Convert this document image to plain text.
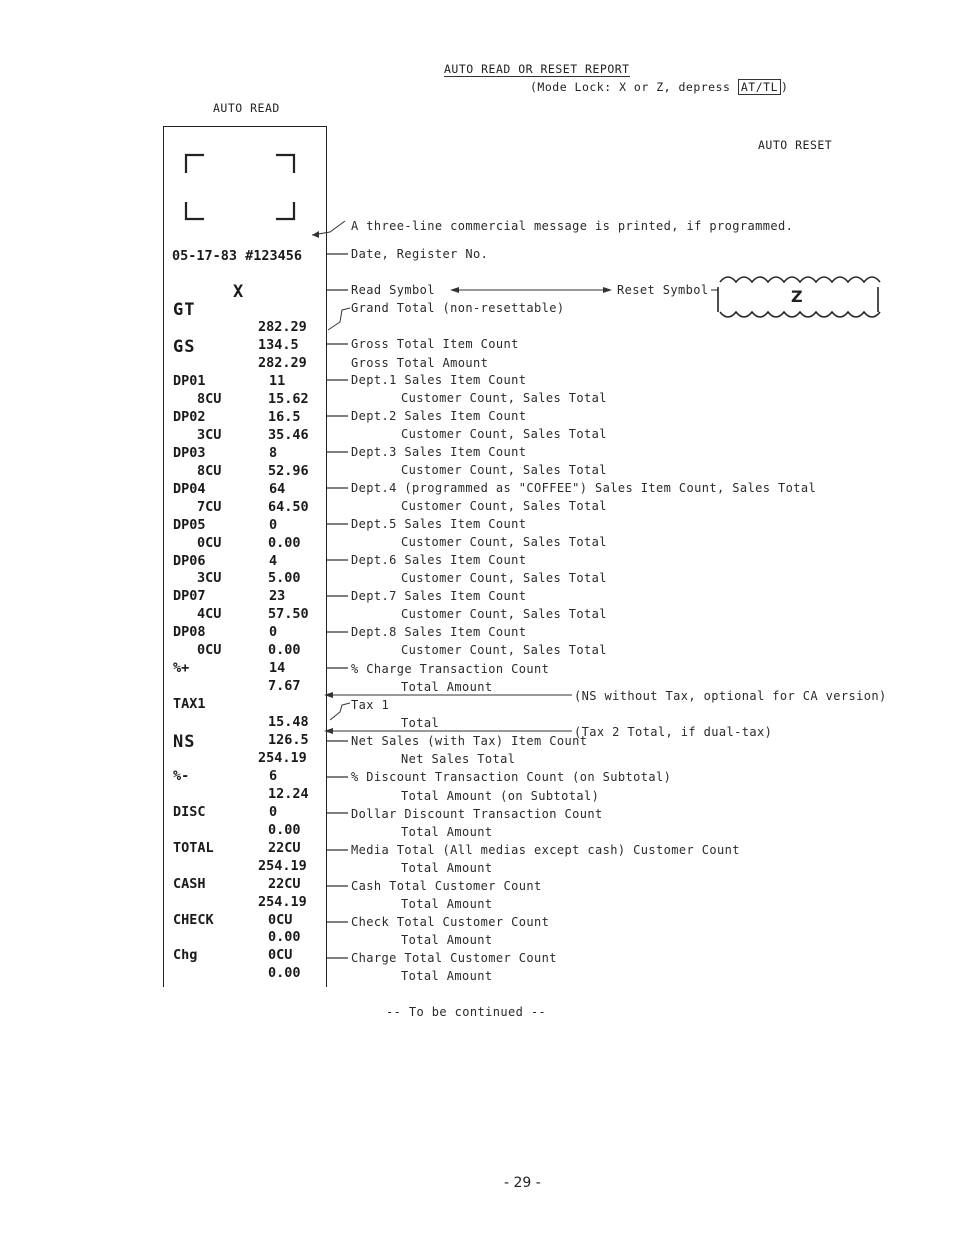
AUTO READ OR RESET REPORT
(Mode Lock: X or Z, depress AT/TL )
AUTO READ
AUTO RESET
05-17-83 #123456
X
GT
282.29
GS	134.5
282.29
DP01	11
8CU	15.62
DP02	16.5
3CU	35.46
DP03	8
8CU	52.96
DP04	64
7CU	64.50
DP05	0
0CU	0.00
DP06	4
3CU	5.00
DP07	23
4CU	57.50
DP08	0
0CU	0.00
%+	14
7.67
TAX1
15.48
NS	126.5
254.19
%-	6
12.24
DISC	0
0.00
TOTAL	22CU
254.19
CASH	22CU
254.19
CHECK	0CU
0.00
Chg	0CU
0.00
A three-line commercial message is printed, if programmed.
Date, Register No.
Read Symbol	Reset Symbol	Z
Grand Total (non-resettable)
Gross Total Item Count
Gross Total Amount
Dept.1 Sales Item Count
Customer Count, Sales Total
Dept.2 Sales Item Count
Customer Count, Sales Total
Dept.3 Sales Item Count
Customer Count, Sales Total
Dept.4 (programmed as "COFFEE") Sales Item Count, Sales Total
Customer Count, Sales Total
Dept.5 Sales Item Count
Customer Count, Sales Total
Dept.6 Sales Item Count
Customer Count, Sales Total
Dept.7 Sales Item Count
Customer Count, Sales Total
Dept.8 Sales Item Count
Customer Count, Sales Total
% Charge Transaction Count
Total Amount
(NS without Tax, optional for CA version)
Tax 1
Total
(Tax 2 Total, if dual-tax)
Net Sales (with Tax) Item Count
Net Sales Total
% Discount Transaction Count (on Subtotal)
Total Amount (on Subtotal)
Dollar Discount Transaction Count
Total Amount
Media Total (All medias except cash) Customer Count
Total Amount
Cash Total Customer Count
Total Amount
Check Total Customer Count
Total Amount
Charge Total Customer Count
Total Amount
-- To be continued --
- 29 -
